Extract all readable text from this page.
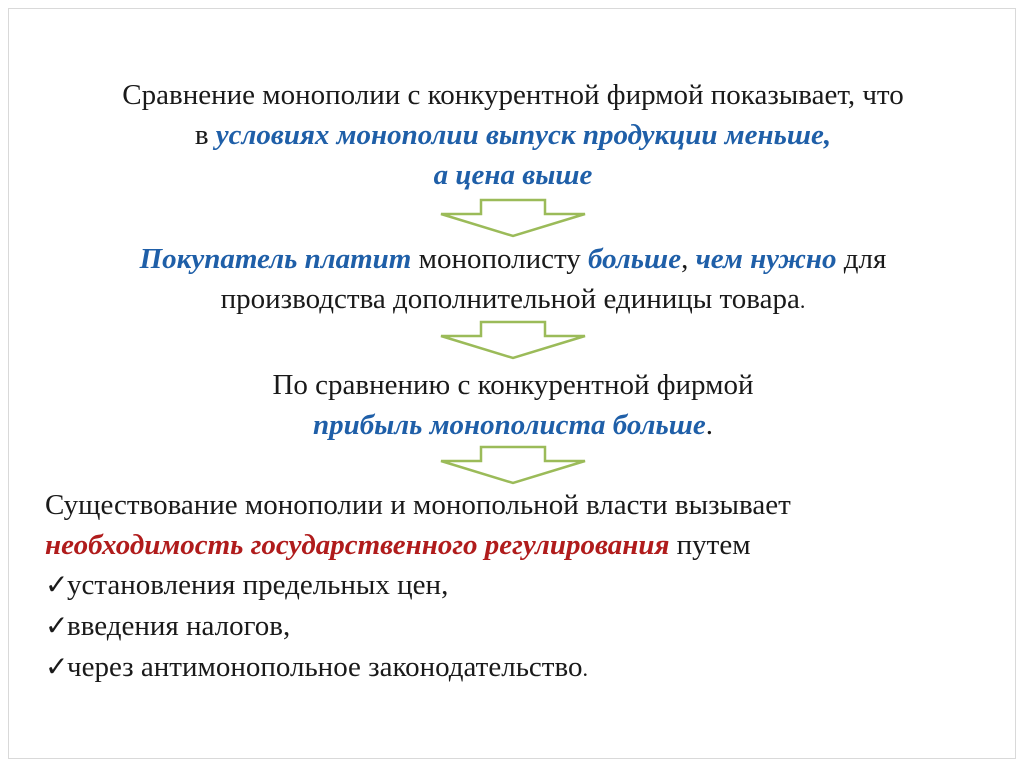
Сравнение монополии с конкурентной фирмой показывает, что
в условиях монополии выпуск продукции меньше,
а цена выше
Покупатель платит монополисту больше, чем нужно для
производства дополнительной единицы товара.
По сравнению с конкурентной фирмой
прибыль монополиста больше.
Существование монополии и монопольной власти вызывает
необходимость государственного регулирования путем
✓установления предельных цен,
✓введения налогов,
✓через антимонопольное законодательство.
